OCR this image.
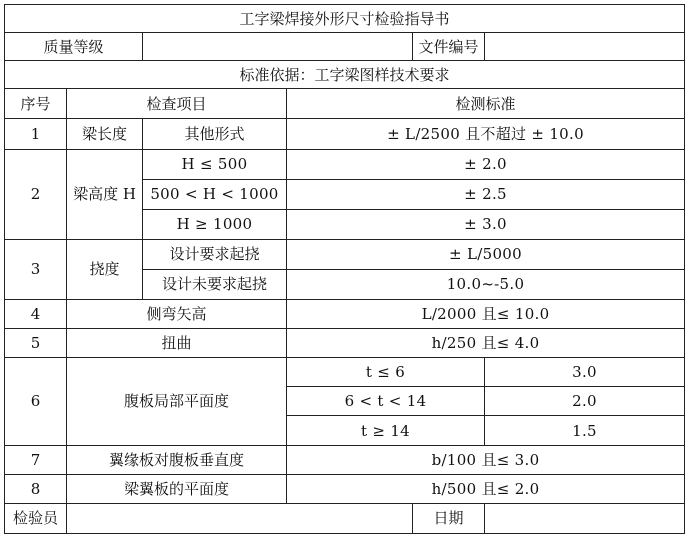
工字梁焊接外形尺寸检验指导书					
质量等级				文件编号	
标准依据：工字梁图样技术要求					
序号	检查项目		检测标准		
1	梁长度	其他形式	± L/2500 且不超过 ± 10.0		
2	梁高度 H	H ≤ 500	± 2.0		
		500 < H < 1000	± 2.5		
		H ≥ 1000	± 3.0		
3	挠度	设计要求起挠	± L/5000		
		设计未要求起挠	10.0~-5.0		
4	侧弯矢高		L/2000 且≤ 10.0		
5	扭曲		h/250 且≤ 4.0		
6	腹板局部平面度		t ≤ 6		3.0
			6 < t < 14		2.0
			t ≥ 14		1.5
7	翼缘板对腹板垂直度		b/100 且≤ 3.0		
8	梁翼板的平面度		h/500 且≤ 2.0		
检验员				日期	
